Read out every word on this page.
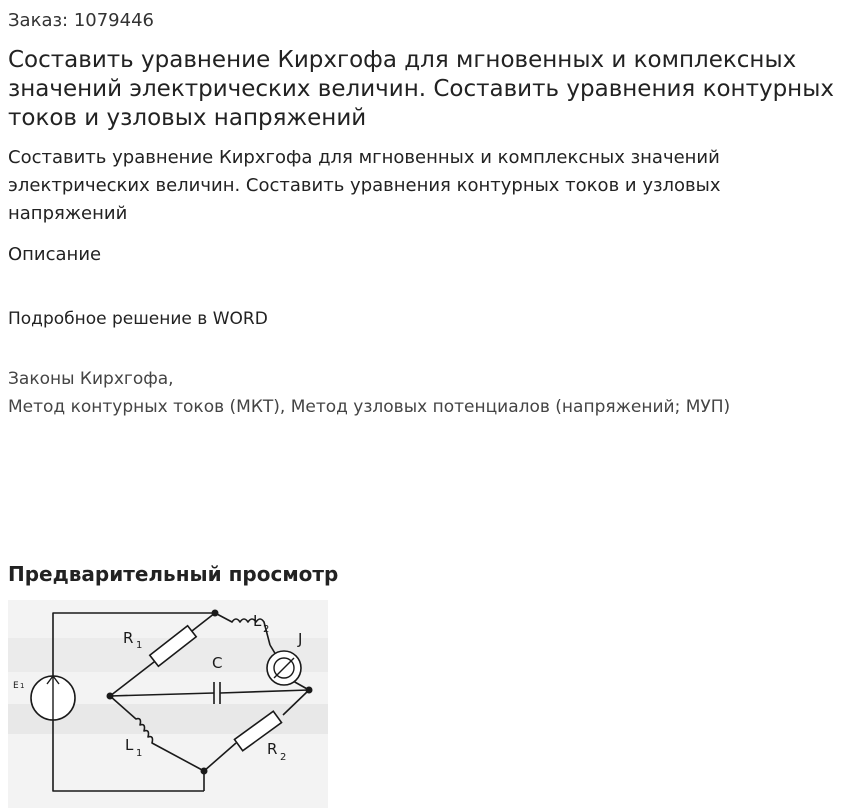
Заказ: 1079446
Составить уравнение Кирхгофа для мгновенных и комплексных значений электрических величин. Составить уравнения контурных токов и узловых напряжений
Составить уравнение Кирхгофа для мгновенных и комплексных значений электрических величин. Составить уравнения контурных токов и узловых напряжений
Описание
Подробное решение в WORD
Законы Кирхгофа,
Метод контурных токов (МКТ), Метод узловых потенциалов (напряжений; МУП)
Предварительный просмотр
R 1
L 2
J
C
E 1
L 1	R 2
